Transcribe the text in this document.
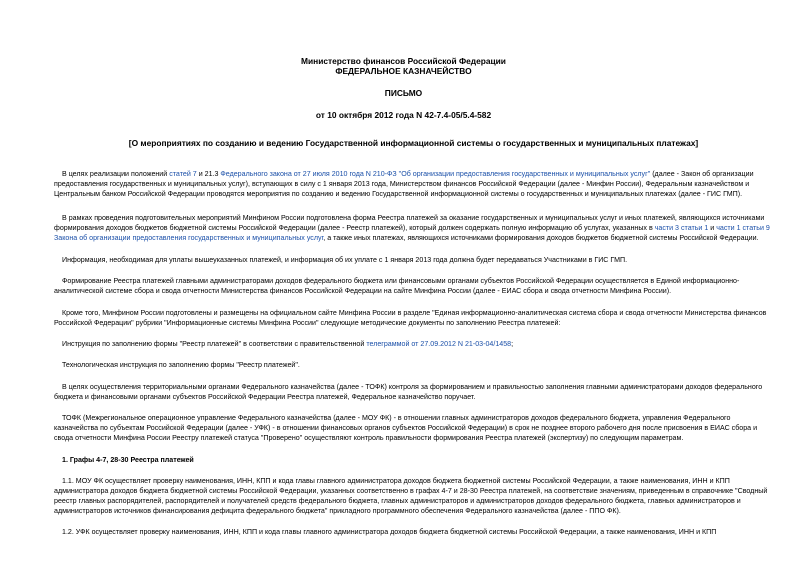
Министерство финансов Российской Федерации
ФЕДЕРАЛЬНОЕ КАЗНАЧЕЙСТВО
ПИСЬМО
от 10 октября 2012 года N 42-7.4-05/5.4-582
[О мероприятиях по созданию и ведению Государственной информационной системы о государственных и муниципальных платежах]
В целях реализации положений статей 7 и 21.3 Федерального закона от 27 июля 2010 года N 210-ФЗ "Об организации предоставления государственных и муниципальных услуг" (далее - Закон об организации
предоставления государственных и муниципальных услуг), вступающих в силу с 1 января 2013 года, Министерством финансов Российской Федерации (далее - Минфин России), Федеральным казначейством и
Центральным банком Российской Федерации проводятся мероприятия по созданию и ведению Государственной информационной системы о государственных и муниципальных платежах (далее - ГИС ГМП).
В рамках проведения подготовительных мероприятий Минфином России подготовлена форма Реестра платежей за оказание государственных и муниципальных услуг и иных платежей, являющихся источниками
формирования доходов бюджетов бюджетной системы Российской Федерации (далее - Реестр платежей), который должен содержать полную информацию об услугах, указанных в части 3 статьи 1 и части 1 статьи 9
Закона об организации предоставления государственных и муниципальных услуг, а также иных платежах, являющихся источниками формирования доходов бюджетов бюджетной системы Российской Федерации.
Информация, необходимая для уплаты вышеуказанных платежей, и информация об их уплате с 1 января 2013 года должна будет передаваться Участниками в ГИС ГМП.
Формирование Реестра платежей главными администраторами доходов федерального бюджета или финансовыми органами субъектов Российской Федерации осуществляется в Единой информационно-
аналитической системе сбора и свода отчетности Министерства финансов Российской Федерации на сайте Минфина России (далее - ЕИАС сбора и свода отчетности Минфина России).
Кроме того, Минфином России подготовлены и размещены на официальном сайте Минфина России в разделе "Единая информационно-аналитическая система сбора и свода отчетности Министерства финансов
Российской Федерации" рубрики "Информационные системы Минфина России" следующие методические документы по заполнению Реестра платежей:
Инструкция по заполнению формы "Реестр платежей" в соответствии с правительственной телеграммой от 27.09.2012 N 21-03-04/1458;
Технологическая инструкция по заполнению формы "Реестр платежей".
В целях осуществления территориальными органами Федерального казначейства (далее - ТОФК) контроля за формированием и правильностью заполнения главными администраторами доходов федерального
бюджета и финансовыми органами субъектов Российской Федерации Реестра платежей, Федеральное казначейство поручает.
ТОФК (Межрегиональное операционное управление Федерального казначейства (далее - МОУ ФК) - в отношении главных администраторов доходов федерального бюджета, управления Федерального
казначейства по субъектам Российской Федерации (далее - УФК) - в отношении финансовых органов субъектов Российской Федерации) в срок не позднее второго рабочего дня после присвоения в ЕИАС сбора и
свода отчетности Минфина России Реестру платежей статуса "Проверено" осуществляют контроль правильности формирования Реестра платежей (экспертизу) по следующим параметрам.
1. Графы 4-7, 28-30 Реестра платежей
1.1. МОУ ФК осуществляет проверку наименования, ИНН, КПП и кода главы главного администратора доходов бюджета бюджетной системы Российской Федерации, а также наименования, ИНН и КПП
администратора доходов бюджета бюджетной системы Российской Федерации, указанных соответственно в графах 4-7 и 28-30 Реестра платежей, на соответствие значениям, приведенным в справочнике "Сводный
реестр главных распорядителей, распорядителей и получателей средств федерального бюджета, главных администраторов и администраторов доходов федерального бюджета, главных администраторов и
администраторов источников финансирования дефицита федерального бюджета" прикладного программного обеспечения Федерального казначейства (далее - ППО ФК).
1.2. УФК осуществляет проверку наименования, ИНН, КПП и кода главы главного администратора доходов бюджета бюджетной системы Российской Федерации, а также наименования, ИНН и КПП
